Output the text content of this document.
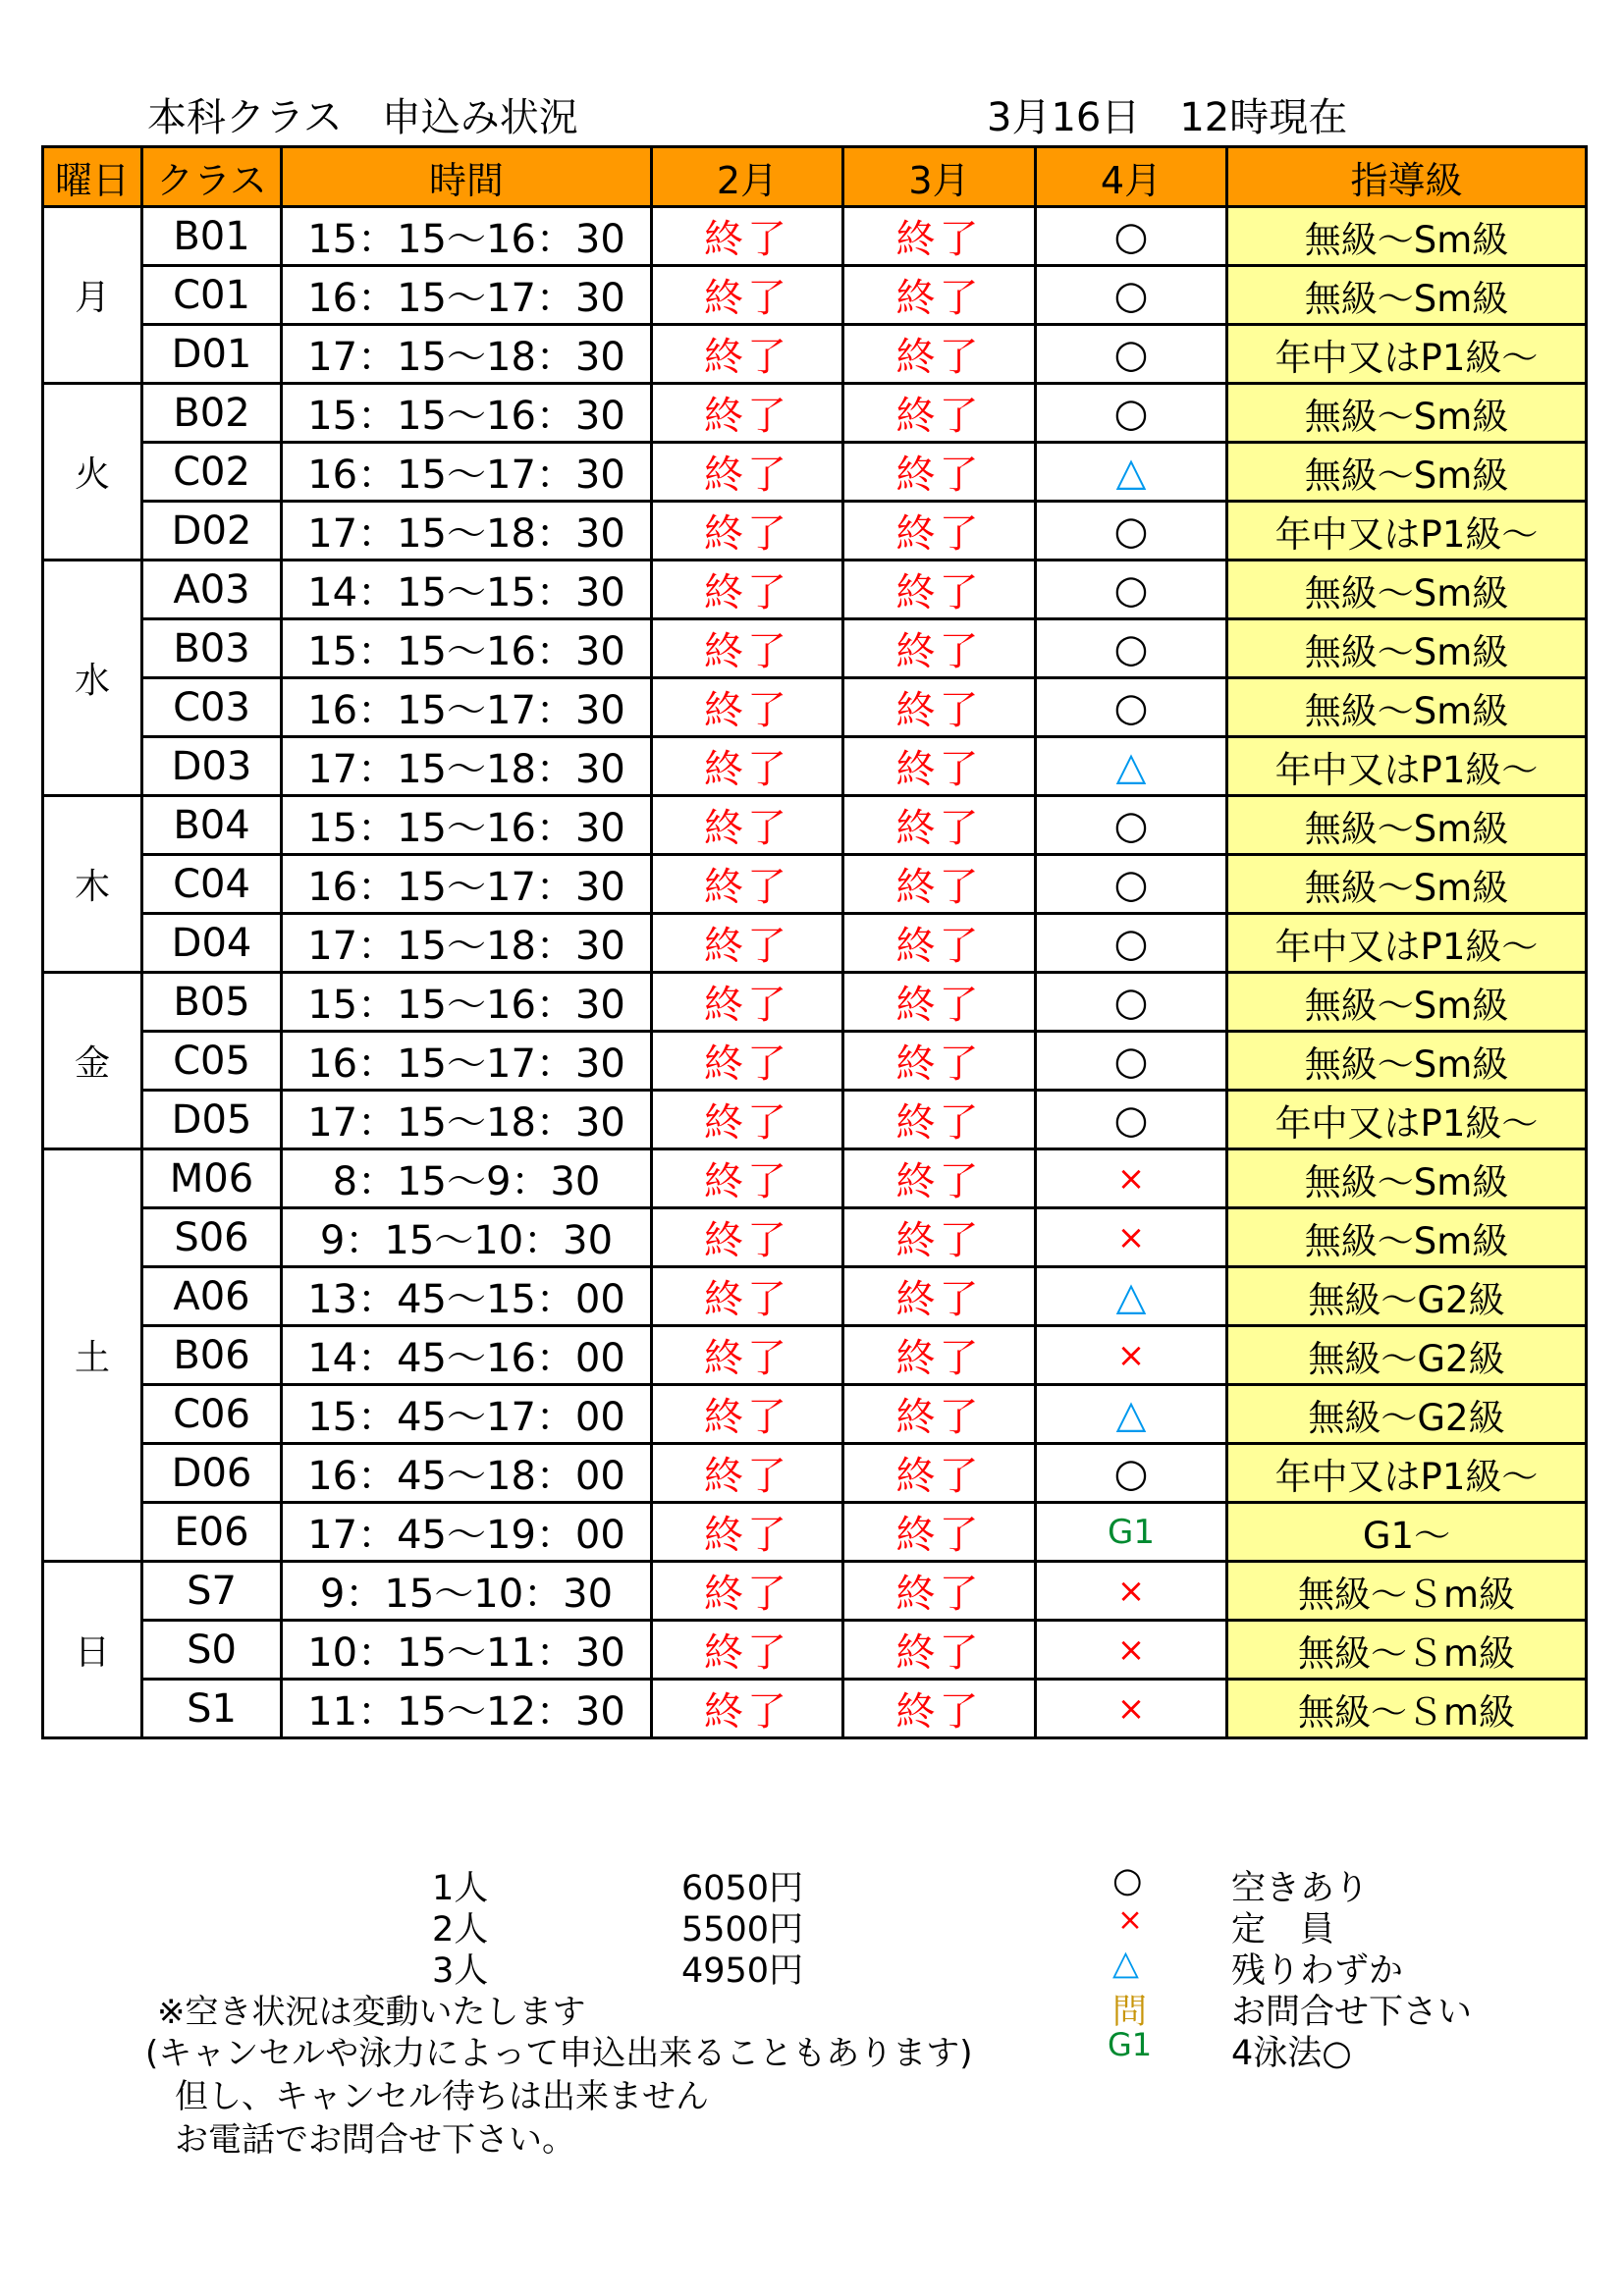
本科クラス　申込み状況	3月16日　12時現在
曜日	クラス	時間	2月	3月	4月	指導級
月	B01	15：15～16：30	終了	終了	○	無級～Sm級
	C01	16：15～17：30	終了	終了	○	無級～Sm級
	D01	17：15～18：30	終了	終了	○	年中又はP1級～
火	B02	15：15～16：30	終了	終了	○	無級～Sm級
	C02	16：15～17：30	終了	終了	△	無級～Sm級
	D02	17：15～18：30	終了	終了	○	年中又はP1級～
水	A03	14：15～15：30	終了	終了	○	無級～Sm級
	B03	15：15～16：30	終了	終了	○	無級～Sm級
	C03	16：15～17：30	終了	終了	○	無級～Sm級
	D03	17：15～18：30	終了	終了	△	年中又はP1級～
木	B04	15：15～16：30	終了	終了	○	無級～Sm級
	C04	16：15～17：30	終了	終了	○	無級～Sm級
	D04	17：15～18：30	終了	終了	○	年中又はP1級～
金	B05	15：15～16：30	終了	終了	○	無級～Sm級
	C05	16：15～17：30	終了	終了	○	無級～Sm級
	D05	17：15～18：30	終了	終了	○	年中又はP1級～
土	M06	8：15～9：30	終了	終了	×	無級～Sm級
	S06	9：15～10：30	終了	終了	×	無級～Sm級
	A06	13：45～15：00	終了	終了	△	無級～G2級
	B06	14：45～16：00	終了	終了	×	無級～G2級
	C06	15：45～17：00	終了	終了	△	無級～G2級
	D06	16：45～18：00	終了	終了	○	年中又はP1級～
	E06	17：45～19：00	終了	終了	G1	G1～
日	S7	9：15～10：30	終了	終了	×	無級～Ｓm級
	S0	10：15～11：30	終了	終了	×	無級～Ｓm級
	S1	11：15～12：30	終了	終了	×	無級～Ｓm級
1人	6050円
2人	5500円
3人	4950円
○	空きあり
×	定　員
△	残りわずか
問 お問合せ下さい
G1 4泳法○
※空き状況は変動いたします
(キャンセルや泳力によって申込出来ることもあります)
但し、キャンセル待ちは出来ません
お電話でお問合せ下さい。
